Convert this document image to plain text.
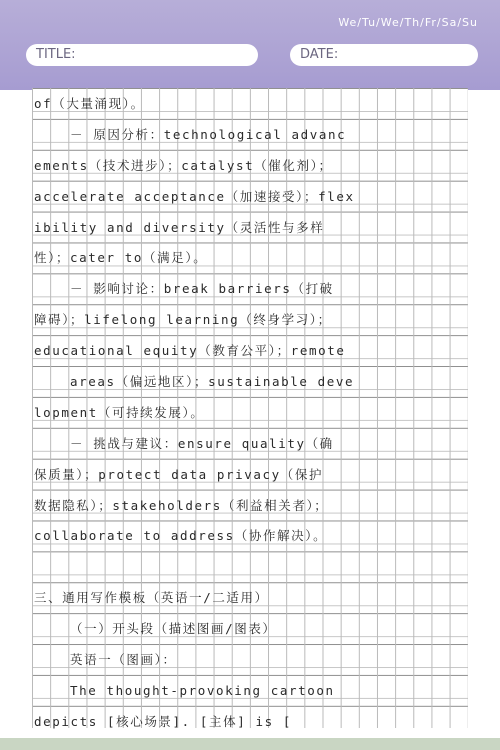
We/Tu/We/Th/Fr/Sa/Su
TITLE:	DATE:
of（大量涌现）。
－ 原因分析：technological advanc
ements（技术进步）；catalyst（催化剂）；
accelerate acceptance（加速接受）；flex
ibility and diversity（灵活性与多样
性）；cater to（满足）。
－ 影响讨论：break barriers（打破
障碍）；lifelong learning（终身学习）；
educational equity（教育公平）；remote
areas（偏远地区）；sustainable deve
lopment（可持续发展）。
－ 挑战与建议：ensure quality（确
保质量）；protect data privacy（保护
数据隐私）；stakeholders（利益相关者）；
collaborate to address（协作解决）。
三、通用写作模板（英语一/二适用）
（一）开头段（描述图画/图表）
英语一（图画）：
The thought-provoking cartoon
depicts [核心场景]. [主体] is [
